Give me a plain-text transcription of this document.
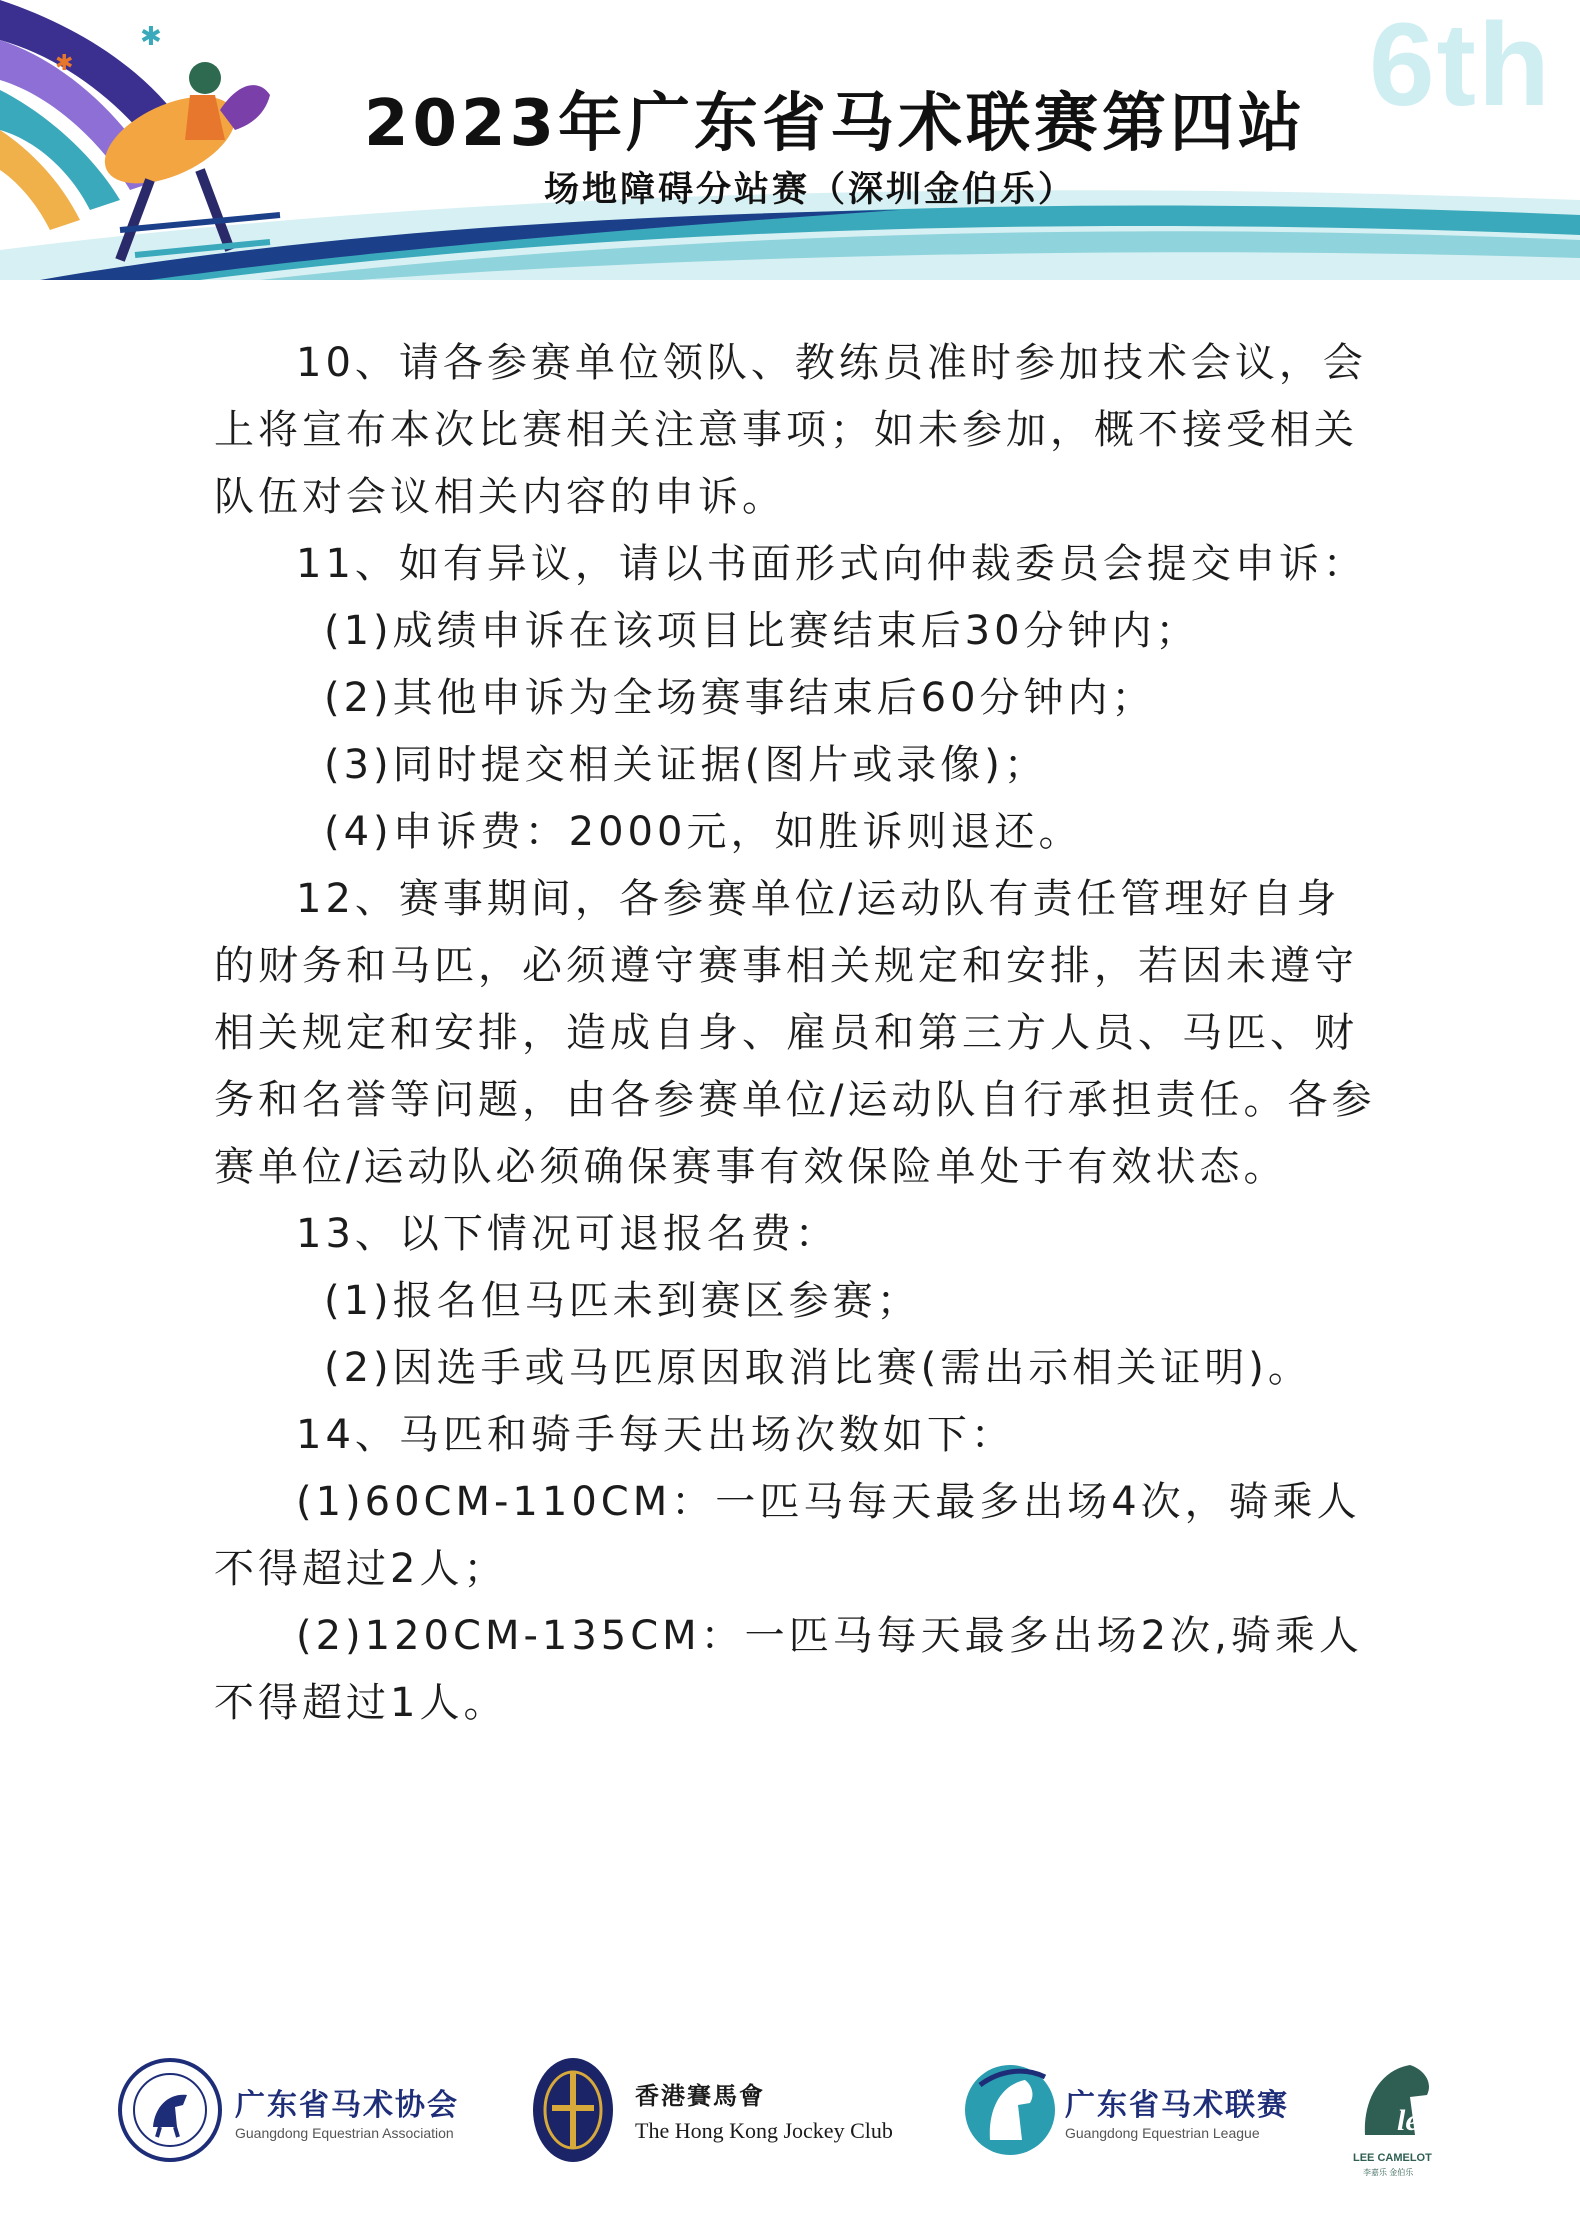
✱
✱	6th
2023年广东省马术联赛第四站
场地障碍分站赛（深圳金伯乐）

10、请各参赛单位领队、教练员准时参加技术会议，会上将宣布本次比赛相关注意事项；如未参加，概不接受相关队伍对会议相关内容的申诉。

11、如有异议，请以书面形式向仲裁委员会提交申诉：

(1)成绩申诉在该项目比赛结束后30分钟内；

(2)其他申诉为全场赛事结束后60分钟内；

(3)同时提交相关证据(图片或录像)；

(4)申诉费：2000元，如胜诉则退还。

12、赛事期间，各参赛单位/运动队有责任管理好自身的财务和马匹，必须遵守赛事相关规定和安排，若因未遵守相关规定和安排，造成自身、雇员和第三方人员、马匹、财务和名誉等问题，由各参赛单位/运动队自行承担责任。各参赛单位/运动队必须确保赛事有效保险单处于有效状态。

13、以下情况可退报名费：

(1)报名但马匹未到赛区参赛；

(2)因选手或马匹原因取消比赛(需出示相关证明)。

14、马匹和骑手每天出场次数如下：

(1)60CM-110CM：一匹马每天最多出场4次，骑乘人不得超过2人；

(2)120CM-135CM：一匹马每天最多出场2次,骑乘人不得超过1人。

广东省马术协会
Guangdong Equestrian Association
香港賽馬會
The Hong Kong Jockey Club
广东省马术联赛
Guangdong Equestrian League	lee
LEE CAMELOT
李嘉乐 金伯乐
